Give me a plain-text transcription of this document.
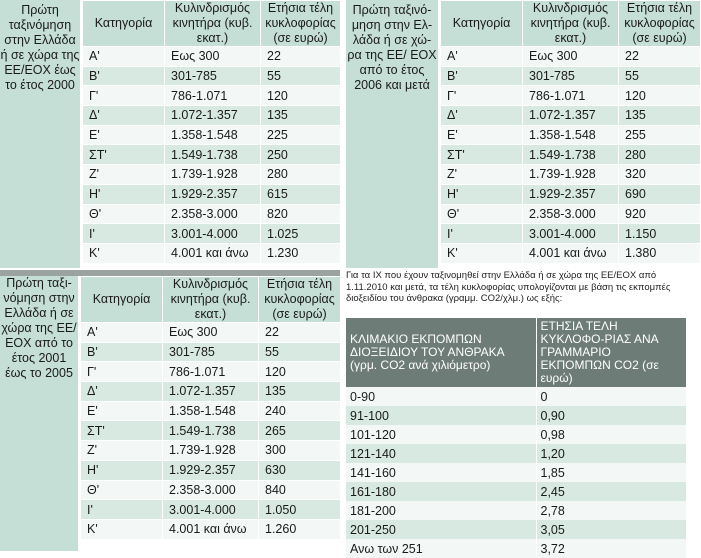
Πρώτη ταξινόμηση στην Ελλάδα ή σε χώρα της ΕΕ/ΕΟΧ έως το έτος 2000
Κατηγορία	Κυλινδρισμός κινητήρα (κυβ. εκατ.)	Ετήσια τέλη κυκλοφορίας (σε ευρώ)
Α'	Εως 300	22
Β'	301-785	55
Γ'	786-1.071	120
Δ'	1.072-1.357	135
Ε'	1.358-1.548	225
ΣΤ'	1.549-1.738	250
Ζ'	1.739-1.928	280
Η'	1.929-2.357	615
Θ'	2.358-3.000	820
Ι'	3.001-4.000	1.025
Κ'	4.001 και άνω	1.230
Πρώτη ταξινό-μηση στην Ελ-λάδα ή σε χώ-ρα της ΕΕ/ ΕΟΧ από το έτος 2006 και μετά
Κατηγορία	Κυλινδρισμός κινητήρα (κυβ. εκατ.)	Ετήσια τέλη κυκλοφορίας (σε ευρώ)
Α'	Εως 300	22
Β'	301-785	55
Γ'	786-1.071	120
Δ'	1.072-1.357	135
Ε'	1.358-1.548	255
ΣΤ'	1.549-1.738	280
Ζ'	1.739-1.928	320
Η'	1.929-2.357	690
Θ'	2.358-3.000	920
Ι'	3.001-4.000	1.150
Κ'	4.001 και άνω	1.380
Πρώτη ταξι-νόμηση στην Ελλάδα ή σε χώρα της ΕΕ/ΕΟΧ από το έτος 2001 έως το 2005
Κατηγορία	Κυλινδρισμός κινητήρα (κυβ. εκατ.)	Ετήσια τέλη κυκλοφορίας (σε ευρώ)
Α'	Εως 300	22
Β'	301-785	55
Γ'	786-1.071	120
Δ'	1.072-1.357	135
Ε'	1.358-1.548	240
ΣΤ'	1.549-1.738	265
Ζ'	1.739-1.928	300
Η'	1.929-2.357	630
Θ'	2.358-3.000	840
Ι'	3.001-4.000	1.050
Κ'	4.001 και άνω	1.260
Για τα ΙΧ που έχουν ταξινομηθεί στην Ελλάδα ή σε χώρα της ΕΕ/ΕΟΧ από 1.11.2010 και μετά, τα τέλη κυκλοφορίας υπολογίζονται με βάση τις εκπομπές διοξειδίου του άνθρακα (γραμμ. CO2/χλμ.) ως εξής:
ΚΛΙΜΑΚΙΟ ΕΚΠΟΜΠΩΝ ΔΙΟΞΕΙΔΙΟΥ ΤΟΥ ΑΝΘΡΑΚΑ (γρμ. CO2 ανά χιλιόμετρο)	ΕΤΗΣΙΑ ΤΕΛΗ ΚΥΚΛΟΦΟ-ΡΙΑΣ ΑΝΑ ΓΡΑΜΜΑΡΙΟ ΕΚΠΟΜΠΩΝ CO2 (σε ευρώ)
0-90	0
91-100	0,90
101-120	0,98
121-140	1,20
141-160	1,85
161-180	2,45
181-200	2,78
201-250	3,05
Ανω των 251	3,72
